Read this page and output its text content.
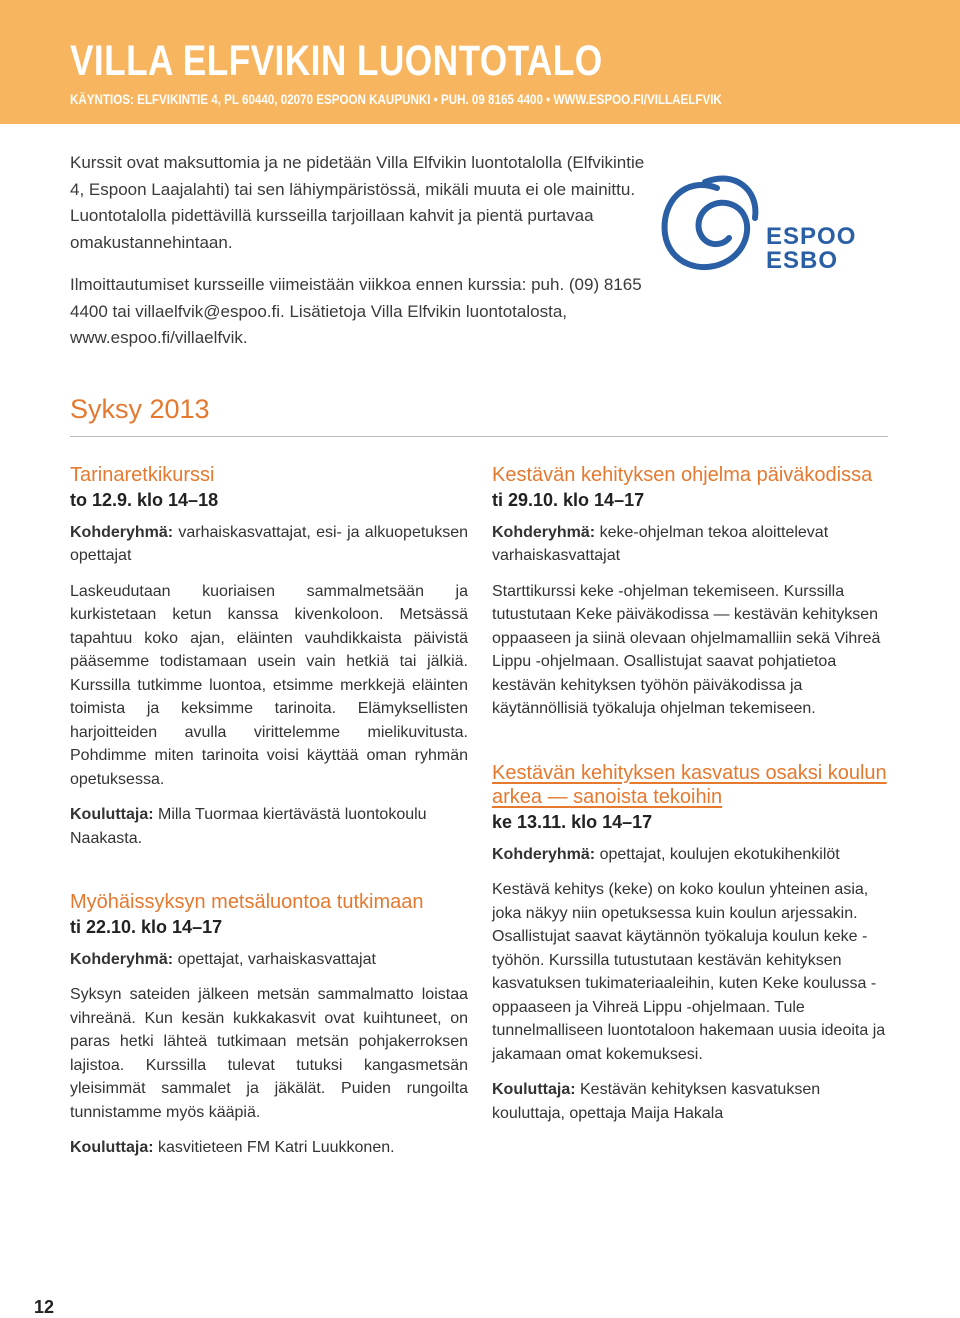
VILLA ELFVIKIN LUONTOTALO
KÄYNTIOS: ELFVIKINTIE 4, PL 60440, 02070 ESPOON KAUPUNKI • PUH. 09 8165 4400 • WWW.ESPOO.FI/VILLAELFVIK

Kurssit ovat maksuttomia ja ne pidetään Villa Elfvikin luontotalolla (Elfvikintie 4, Espoon Laajalahti) tai sen lähiympäristössä, mikäli muuta ei ole mainittu. Luontotalolla pidettävillä kursseilla tarjoillaan kahvit ja pientä purtavaa omakustannehintaan.

Ilmoittautumiset kursseille viimeistään viikkoa ennen kurssia: puh. (09) 8165 4400 tai villaelfvik@espoo.fi. Lisätietoja Villa Elfvikin luontotalosta, www.espoo.fi/villaelfvik.

ESPOO
ESBO
Syksy 2013
Tarinaretkikurssi
to 12.9. klo 14–18

Kohderyhmä: varhaiskasvattajat, esi- ja alkuopetuksen opettajat

Laskeudutaan kuoriaisen sammalmetsään ja kurkistetaan ketun kanssa kivenkoloon. Metsässä tapahtuu koko ajan, eläinten vauhdikkaista päivistä pääsemme todistamaan usein vain hetkiä tai jälkiä. Kurssilla tutkimme luontoa, etsimme merkkejä eläinten toimista ja keksimme tarinoita. Elämyksellisten harjoitteiden avulla virittelemme mielikuvitusta. Pohdimme miten tarinoita voisi käyttää oman ryhmän opetuksessa.

Kouluttaja: Milla Tuormaa kiertävästä luontokoulu Naakasta.

Myöhäissyksyn metsäluontoa tutkimaan
ti 22.10. klo 14–17

Kohderyhmä: opettajat, varhaiskasvattajat

Syksyn sateiden jälkeen metsän sammalmatto loistaa vihreänä. Kun kesän kukkakasvit ovat kuihtuneet, on paras hetki lähteä tutkimaan metsän pohjakerroksen lajistoa. Kurssilla tulevat tutuksi kangasmetsän yleisimmät sammalet ja jäkälät. Puiden rungoilta tunnistamme myös kääpiä.

Kouluttaja: kasvitieteen FM Katri Luukkonen.

Kestävän kehityksen ohjelma päiväkodissa
ti 29.10. klo 14–17

Kohderyhmä: keke-ohjelman tekoa aloittelevat varhaiskasvattajat

Starttikurssi keke -ohjelman tekemiseen. Kurssilla tutustutaan Keke päiväkodissa — kestävän kehityksen oppaaseen ja siinä olevaan ohjelmamalliin sekä Vihreä Lippu -ohjelmaan. Osallistujat saavat pohjatietoa kestävän kehityksen työhön päiväkodissa ja käytännöllisiä työkaluja ohjelman tekemiseen.

Kestävän kehityksen kasvatus osaksi koulun arkea — sanoista tekoihin
ke 13.11. klo 14–17

Kohderyhmä: opettajat, koulujen ekotukihenkilöt

Kestävä kehitys (keke) on koko koulun yhteinen asia, joka näkyy niin opetuksessa kuin koulun arjessakin. Osallistujat saavat käytännön työkaluja koulun keke -työhön. Kurssilla tutustutaan kestävän kehityksen kasvatuksen tukimateriaaleihin, kuten Keke koulussa -oppaaseen ja Vihreä Lippu -ohjelmaan. Tule tunnelmalliseen luontotaloon hakemaan uusia ideoita ja jakamaan omat kokemuksesi.

Kouluttaja: Kestävän kehityksen kasvatuksen kouluttaja, opettaja Maija Hakala

12
